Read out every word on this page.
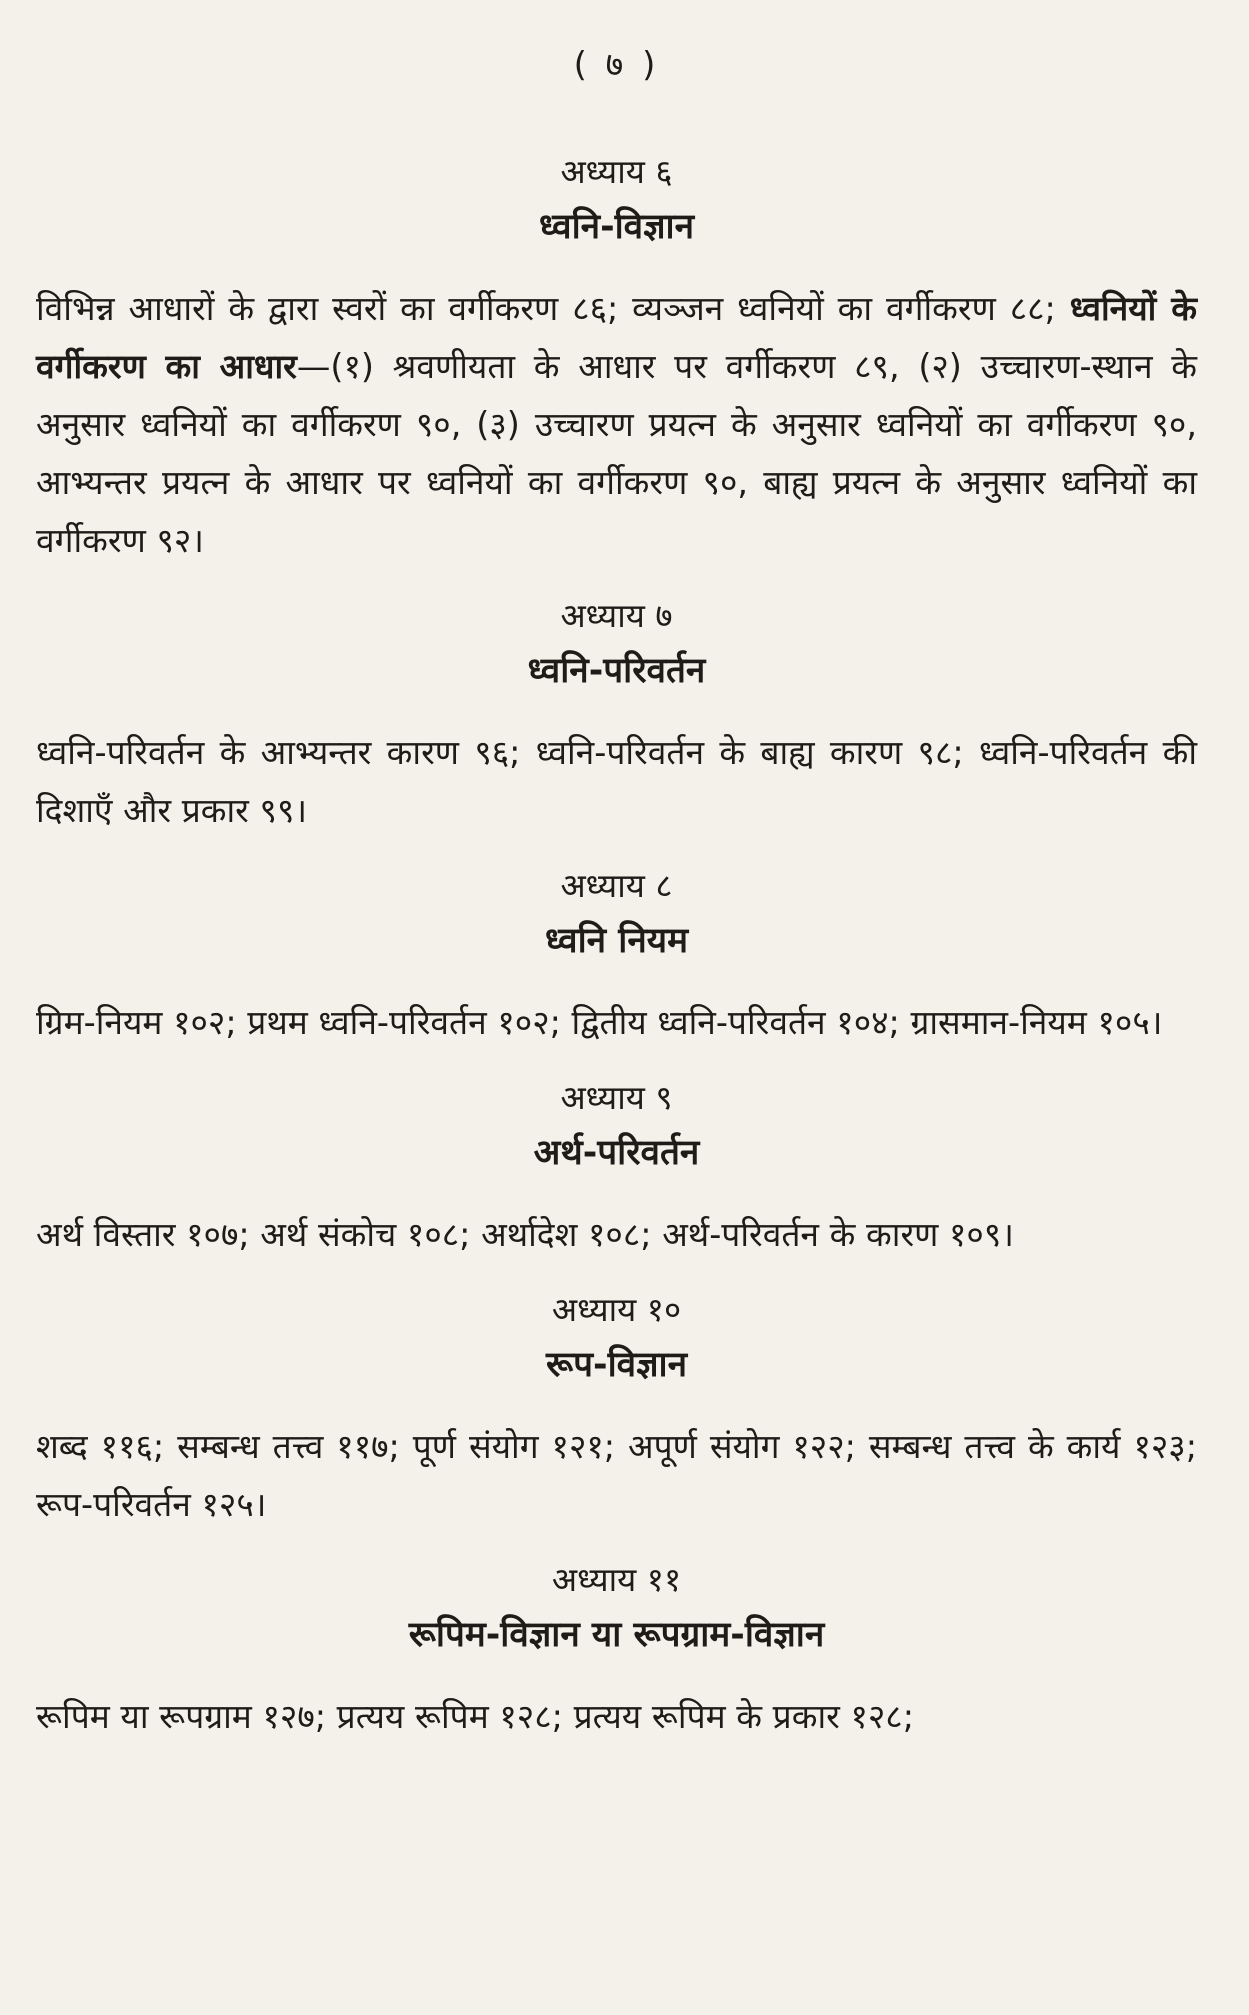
( ७ )
अध्याय ६
ध्वनि-विज्ञान
विभिन्न आधारों के द्वारा स्वरों का वर्गीकरण ८६; व्यञ्जन ध्वनियों का वर्गीकरण ८८; ध्वनियों के वर्गीकरण का आधार—(१) श्रवणीयता के आधार पर वर्गीकरण ८९, (२) उच्चारण-स्थान के अनुसार ध्वनियों का वर्गीकरण ९०, (३) उच्चारण प्रयत्न के अनुसार ध्वनियों का वर्गीकरण ९०, आभ्यन्तर प्रयत्न के आधार पर ध्वनियों का वर्गीकरण ९०, बाह्य प्रयत्न के अनुसार ध्वनियों का वर्गीकरण ९२।
अध्याय ७
ध्वनि-परिवर्तन
ध्वनि-परिवर्तन के आभ्यन्तर कारण ९६; ध्वनि-परिवर्तन के बाह्य कारण ९८; ध्वनि-परिवर्तन की दिशाएँ और प्रकार ९९।
अध्याय ८
ध्वनि नियम
ग्रिम-नियम १०२; प्रथम ध्वनि-परिवर्तन १०२; द्वितीय ध्वनि-परिवर्तन १०४; ग्रासमान-नियम १०५।
अध्याय ९
अर्थ-परिवर्तन
अर्थ विस्तार १०७; अर्थ संकोच १०८; अर्थादेश १०८; अर्थ-परिवर्तन के कारण १०९।
अध्याय १०
रूप-विज्ञान
शब्द ११६; सम्बन्ध तत्त्व ११७; पूर्ण संयोग १२१; अपूर्ण संयोग १२२; सम्बन्ध तत्त्व के कार्य १२३; रूप-परिवर्तन १२५।
अध्याय ११
रूपिम-विज्ञान या रूपग्राम-विज्ञान
रूपिम या रूपग्राम १२७; प्रत्यय रूपिम १२८; प्रत्यय रूपिम के प्रकार १२८;
